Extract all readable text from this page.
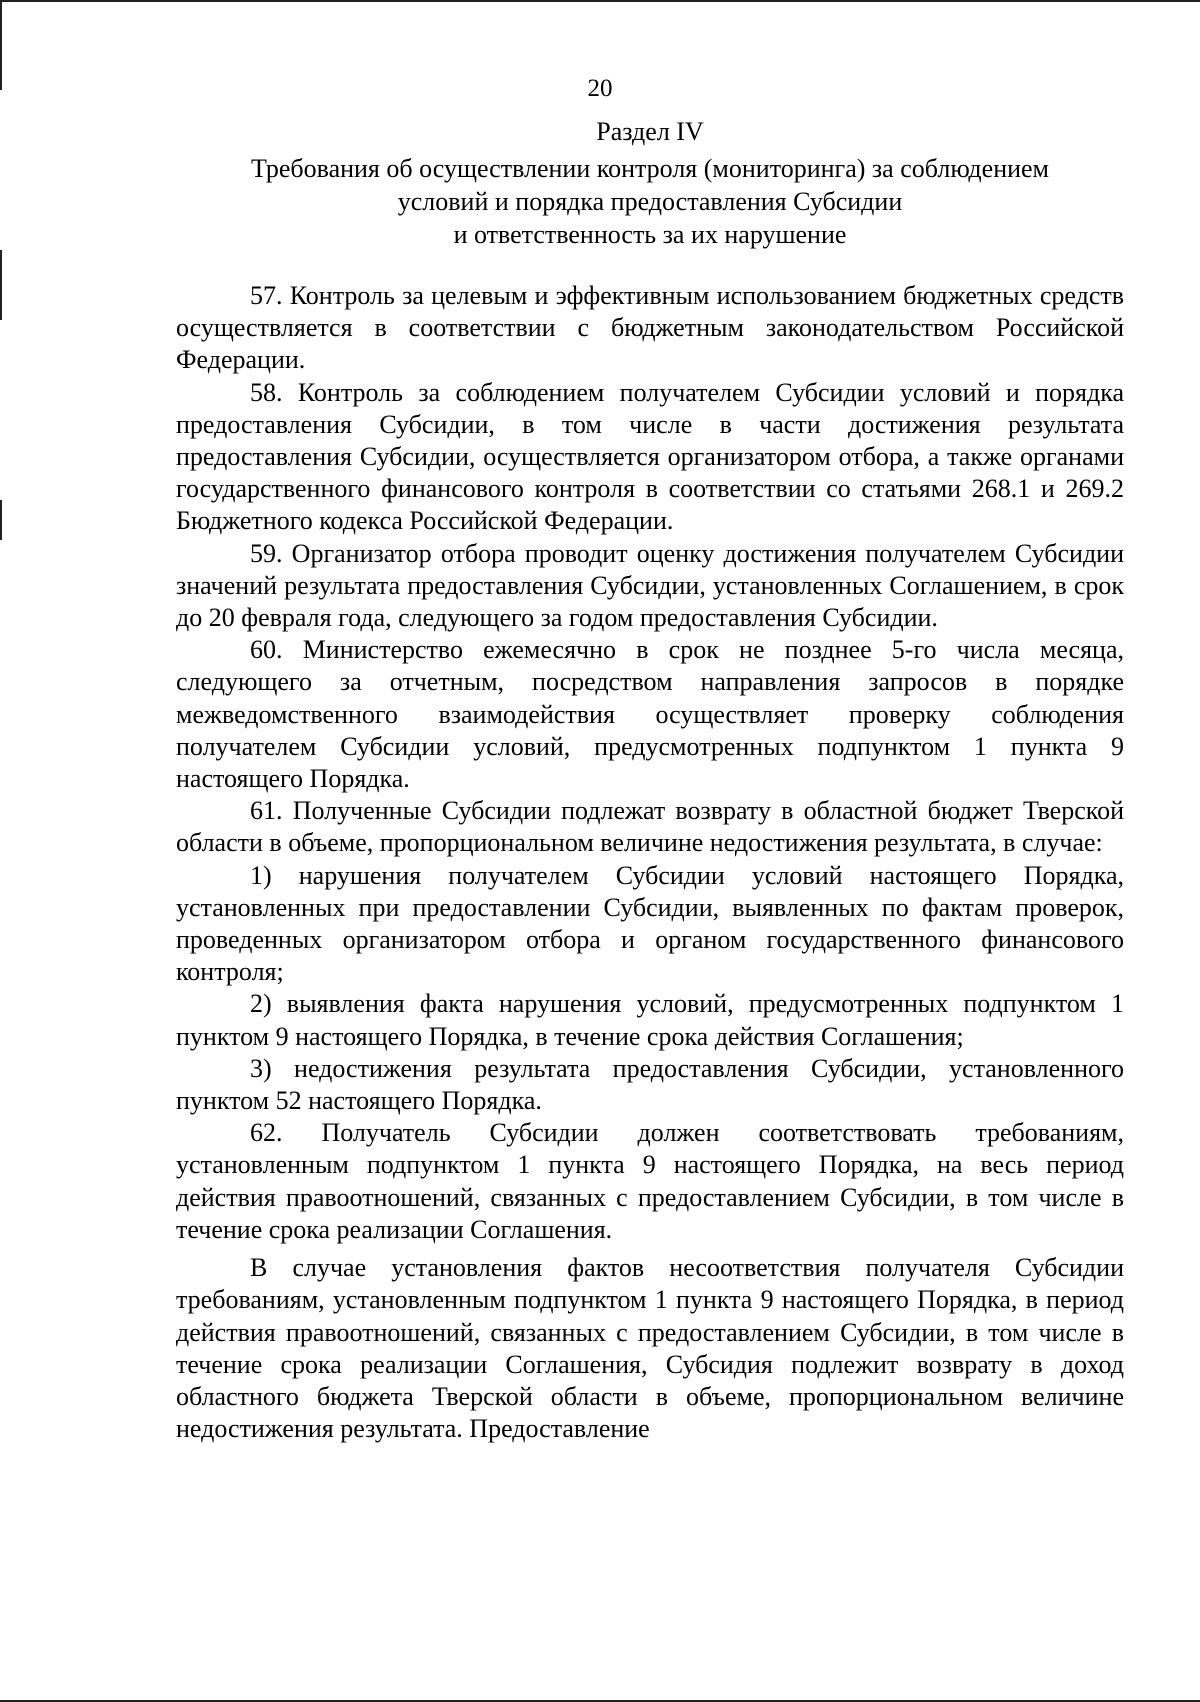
20
Раздел IV
Требования об осуществлении контроля (мониторинга) за соблюдением
условий и порядка предоставления Субсидии
и ответственность за их нарушение

57. Контроль за целевым и эффективным использованием бюджетных средств осуществляется в соответствии с бюджетным законодательством Российской Федерации.

58. Контроль за соблюдением получателем Субсидии условий и порядка предоставления Субсидии, в том числе в части достижения результата предоставления Субсидии, осуществляется организатором отбора, а также органами государственного финансового контроля в соответствии со статьями 268.1 и 269.2 Бюджетного кодекса Российской Федерации.

59. Организатор отбора проводит оценку достижения получателем Субсидии значений результата предоставления Субсидии, установленных Соглашением, в срок до 20 февраля года, следующего за годом предоставления Субсидии.

60. Министерство ежемесячно в срок не позднее 5-го числа месяца, следующего за отчетным, посредством направления запросов в порядке межведомственного взаимодействия осуществляет проверку соблюдения получателем Субсидии условий, предусмотренных подпунктом 1 пункта 9 настоящего Порядка.

61. Полученные Субсидии подлежат возврату в областной бюджет Тверской области в объеме, пропорциональном величине недостижения результата, в случае:

1) нарушения получателем Субсидии условий настоящего Порядка, установленных при предоставлении Субсидии, выявленных по фактам проверок, проведенных организатором отбора и органом государственного финансового контроля;

2) выявления факта нарушения условий, предусмотренных подпунктом 1 пунктом 9 настоящего Порядка, в течение срока действия Соглашения;

3) недостижения результата предоставления Субсидии, установленного пунктом 52 настоящего Порядка.

62. Получатель Субсидии должен соответствовать требованиям, установленным подпунктом 1 пункта 9 настоящего Порядка, на весь период действия правоотношений, связанных с предоставлением Субсидии, в том числе в течение срока реализации Соглашения.

В случае установления фактов несоответствия получателя Субсидии требованиям, установленным подпунктом 1 пункта 9 настоящего Порядка, в период действия правоотношений, связанных с предоставлением Субсидии, в том числе в течение срока реализации Соглашения, Субсидия подлежит возврату в доход областного бюджета Тверской области в объеме, пропорциональном величине недостижения результата. Предоставление
